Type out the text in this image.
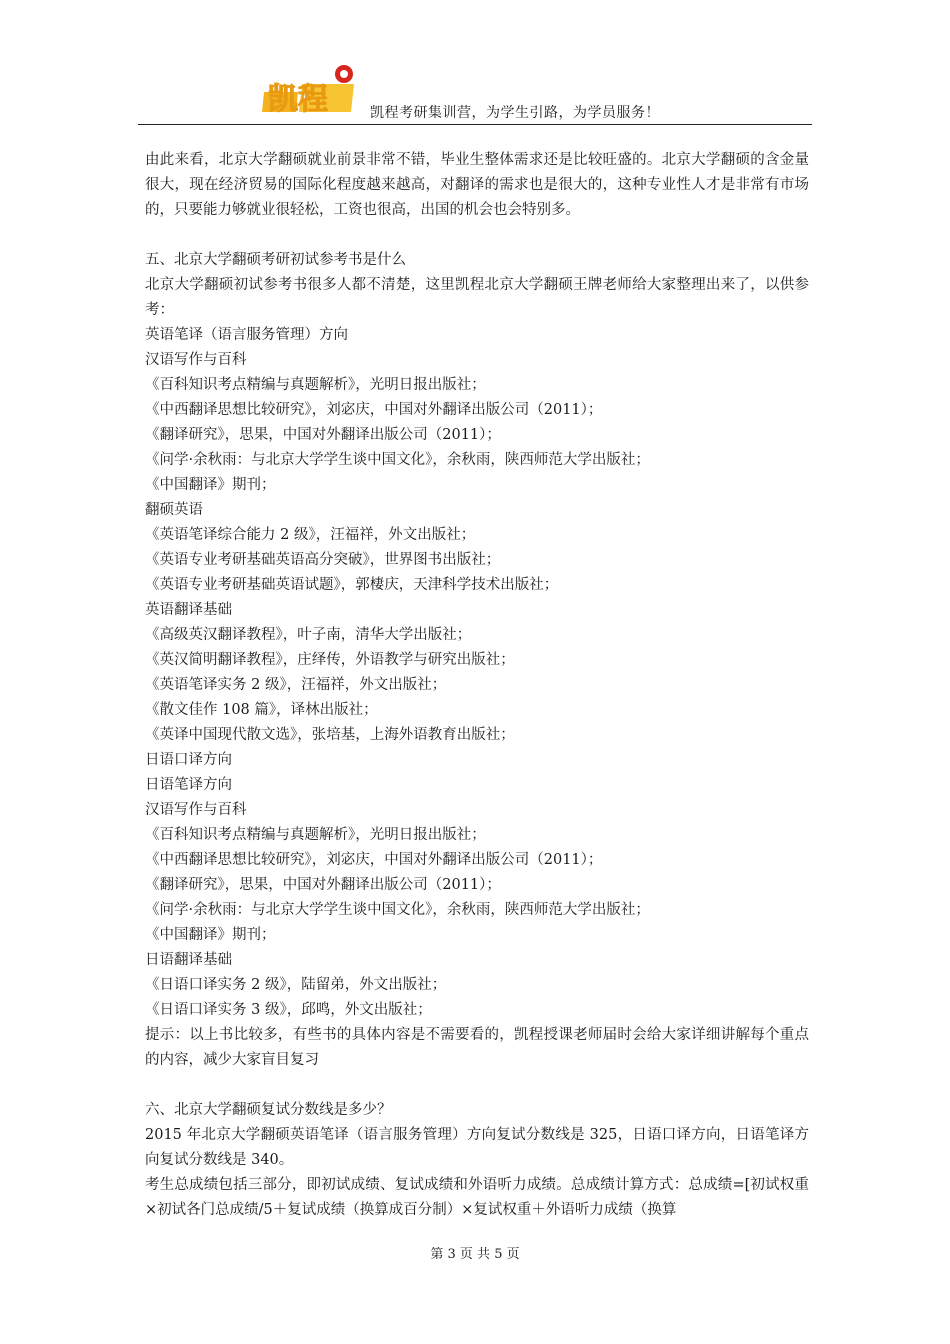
凯程	凯程考研集训营，为学生引路，为学员服务！

由此来看，北京大学翻硕就业前景非常不错，毕业生整体需求还是比较旺盛的。北京大学翻硕的含金量很大，现在经济贸易的国际化程度越来越高，对翻译的需求也是很大的，这种专业性人才是非常有市场的，只要能力够就业很轻松，工资也很高，出国的机会也会特别多。

五、北京大学翻硕考研初试参考书是什么

北京大学翻硕初试参考书很多人都不清楚，这里凯程北京大学翻硕王牌老师给大家整理出来了，以供参考：

英语笔译（语言服务管理）方向

汉语写作与百科

《百科知识考点精编与真题解析》，光明日报出版社；

《中西翻译思想比较研究》，刘宓庆，中国对外翻译出版公司（2011）；

《翻译研究》，思果，中国对外翻译出版公司（2011）；

《问学·余秋雨：与北京大学学生谈中国文化》，余秋雨，陕西师范大学出版社；

《中国翻译》期刊；

翻硕英语

《英语笔译综合能力 2 级》，汪福祥，外文出版社；

《英语专业考研基础英语高分突破》，世界图书出版社；

《英语专业考研基础英语试题》，郭棲庆，天津科学技术出版社；

英语翻译基础

《高级英汉翻译教程》，叶子南，清华大学出版社；

《英汉简明翻译教程》，庄绎传，外语教学与研究出版社；

《英语笔译实务 2 级》，汪福祥，外文出版社；

《散文佳作 108 篇》，译林出版社；

《英译中国现代散文选》，张培基，上海外语教育出版社；

日语口译方向

日语笔译方向

汉语写作与百科

《百科知识考点精编与真题解析》，光明日报出版社；

《中西翻译思想比较研究》，刘宓庆，中国对外翻译出版公司（2011）；

《翻译研究》，思果，中国对外翻译出版公司（2011）；

《问学·余秋雨：与北京大学学生谈中国文化》，余秋雨，陕西师范大学出版社；

《中国翻译》期刊；

日语翻译基础

《日语口译实务 2 级》，陆留弟，外文出版社；

《日语口译实务 3 级》，邱鸣，外文出版社；

提示：以上书比较多，有些书的具体内容是不需要看的，凯程授课老师届时会给大家详细讲解每个重点的内容，减少大家盲目复习

六、北京大学翻硕复试分数线是多少？

2015 年北京大学翻硕英语笔译（语言服务管理）方向复试分数线是 325，日语口译方向，日语笔译方向复试分数线是 340。

考生总成绩包括三部分，即初试成绩、复试成绩和外语听力成绩。总成绩计算方式：总成绩=[初试权重×初试各门总成绩/5＋复试成绩（换算成百分制）×复试权重＋外语听力成绩（换算

第 3 页 共 5 页
